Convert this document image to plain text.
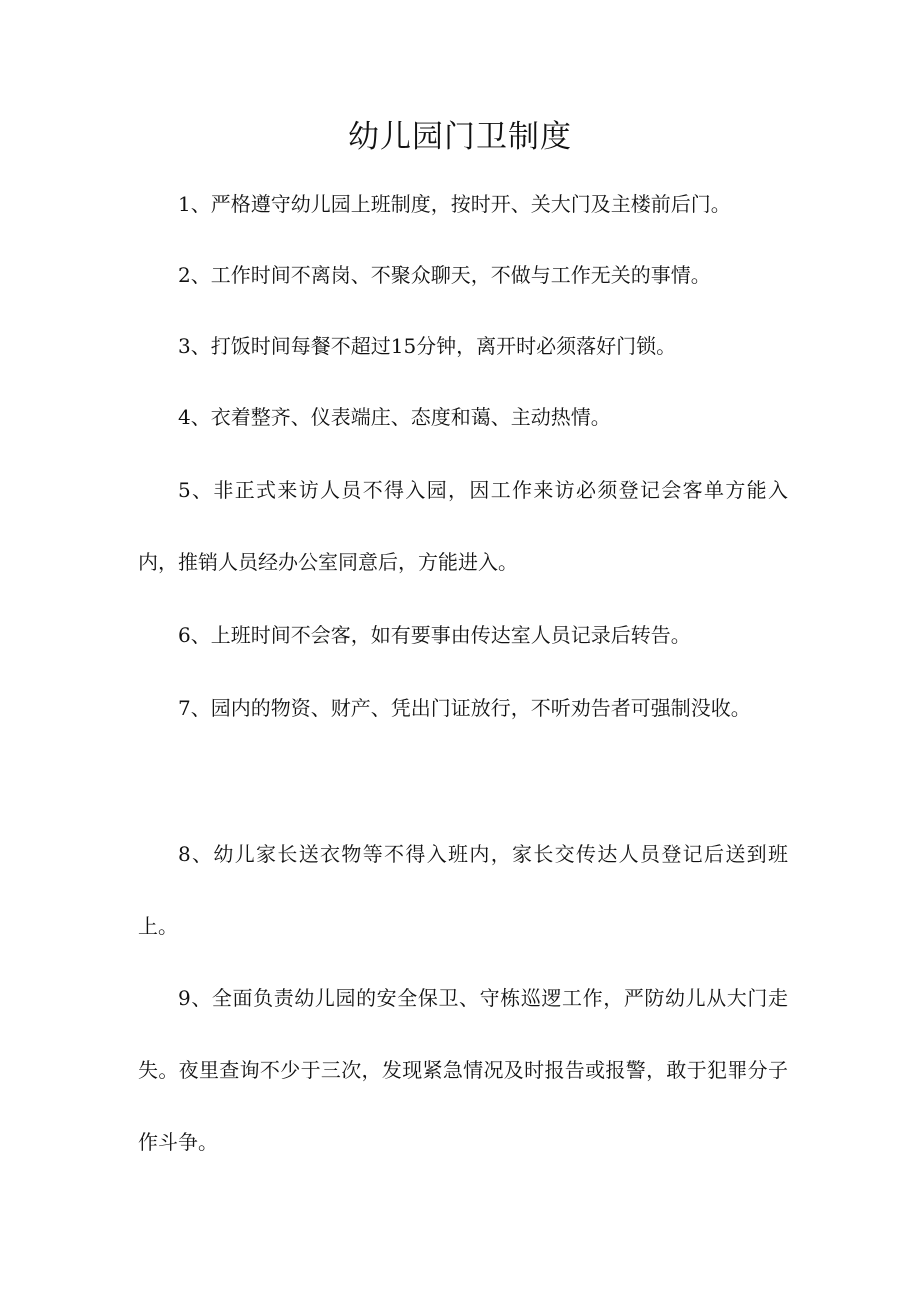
幼儿园门卫制度
1、严格遵守幼儿园上班制度，按时开、关大门及主楼前后门。
2、工作时间不离岗、不聚众聊天，不做与工作无关的事情。
3、打饭时间每餐不超过15分钟，离开时必须落好门锁。
4、衣着整齐、仪表端庄、态度和蔼、主动热情。
5、非正式来访人员不得入园，因工作来访必须登记会客单方能入内，推销人员经办公室同意后，方能进入。
6、上班时间不会客，如有要事由传达室人员记录后转告。
7、园内的物资、财产、凭出门证放行，不听劝告者可强制没收。
8、幼儿家长送衣物等不得入班内，家长交传达人员登记后送到班上。
9、全面负责幼儿园的安全保卫、守栋巡逻工作，严防幼儿从大门走失。夜里查询不少于三次，发现紧急情况及时报告或报警，敢于犯罪分子作斗争。
